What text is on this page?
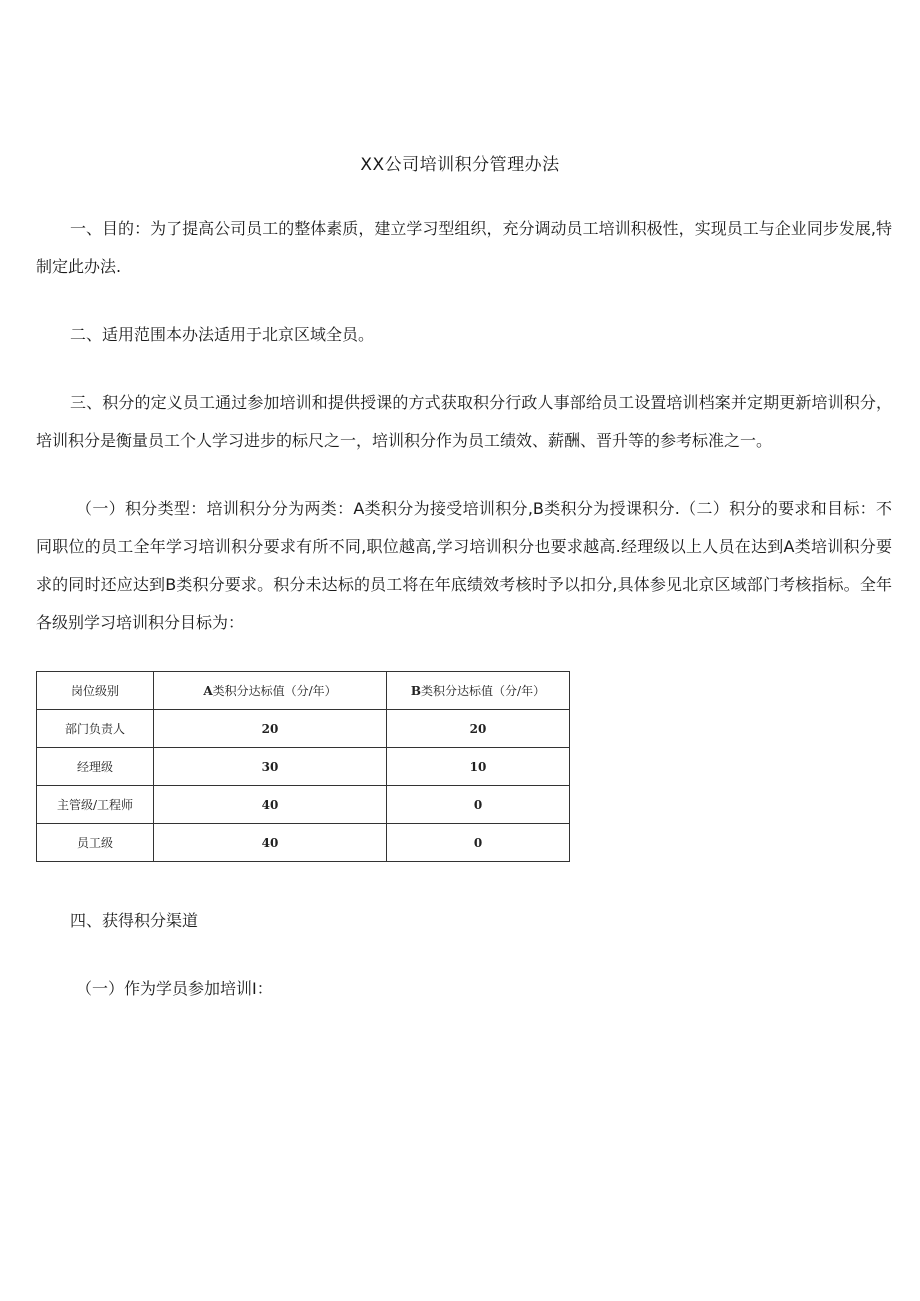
XX公司培训积分管理办法

一、目的：为了提高公司员工的整体素质，建立学习型组织，充分调动员工培训积极性，实现员工与企业同步发展,特制定此办法.

二、适用范围本办法适用于北京区域全员。

三、积分的定义员工通过参加培训和提供授课的方式获取积分行政人事部给员工设置培训档案并定期更新培训积分，培训积分是衡量员工个人学习进步的标尺之一，培训积分作为员工绩效、薪酬、晋升等的参考标准之一。

（一）积分类型：培训积分分为两类：A类积分为接受培训积分,B类积分为授课积分.（二）积分的要求和目标：不同职位的员工全年学习培训积分要求有所不同,职位越高,学习培训积分也要求越高.经理级以上人员在达到A类培训积分要求的同时还应达到B类积分要求。积分未达标的员工将在年底绩效考核时予以扣分,具体参见北京区域部门考核指标。全年各级别学习培训积分目标为：

岗位级别	A类积分达标值（分/年）	B类积分达标值（分/年）
部门负责人	20	20
经理级	30	10
主管级/工程师	40	0
员工级	40	0

四、获得积分渠道

（一）作为学员参加培训I：
